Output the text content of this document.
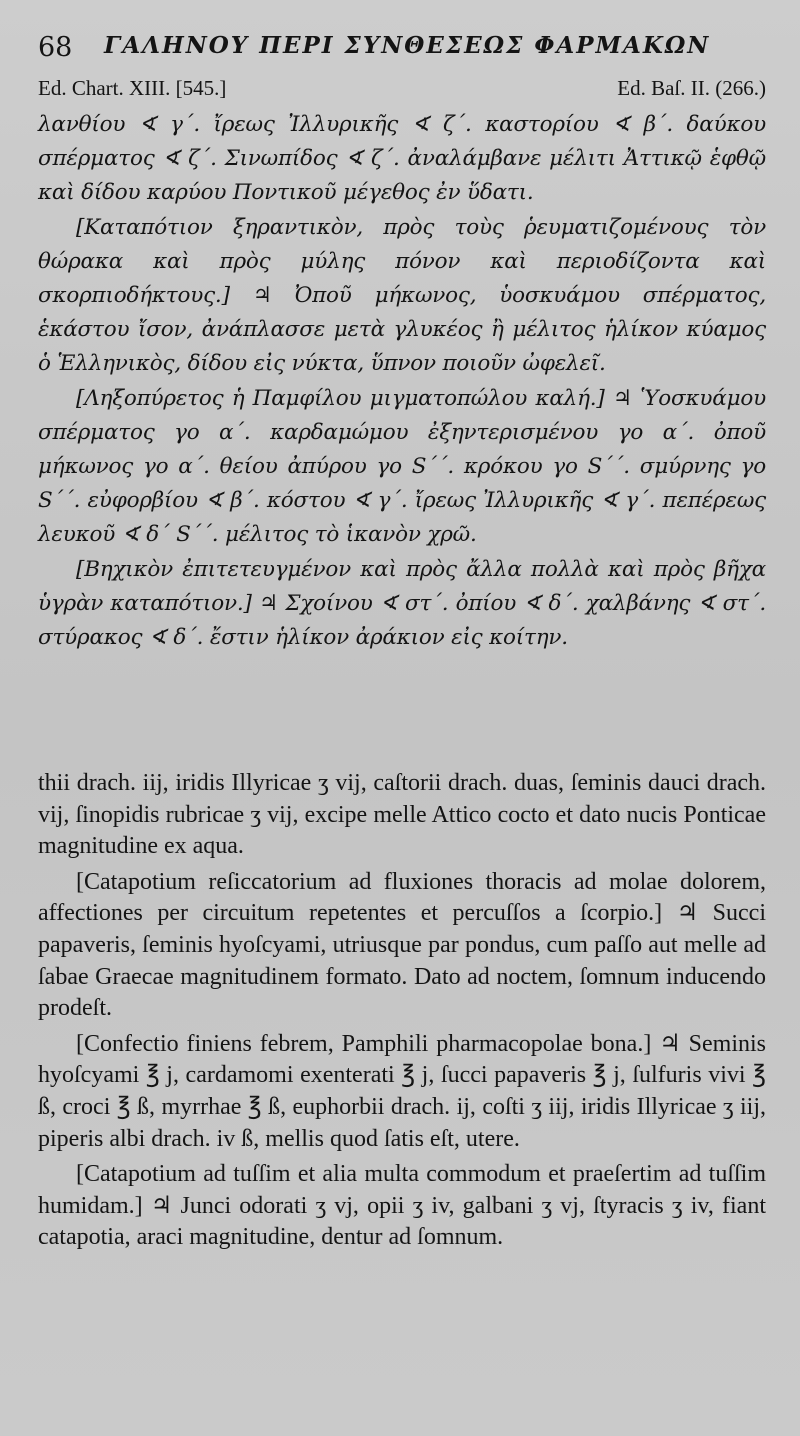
68 ΓΑΛΗΝΟΥ ΠΕΡΙ ΣΥΝΘΕΣΕΩΣ ΦΑΡΜΑΚΩΝ
Ed. Chart. XIII. [545.]	Ed. Baſ. II. (266.)

λανθίου ∢ γ΄. ἴρεως Ἰλλυρικῆς ∢ ζ΄. καστορίου ∢ β΄. δαύκου σπέρματος ∢ ζ΄. Σινωπίδος ∢ ζ΄. ἀναλάμβανε μέλιτι Ἀττικῷ ἑφθῷ καὶ δίδου καρύου Ποντικοῦ μέγεθος ἐν ὕδατι.

[Καταπότιον ξηραντικὸν, πρὸς τοὺς ῥευματιζομένους τὸν θώρακα καὶ πρὸς μύλης πόνον καὶ περιοδίζοντα καὶ σκορπιοδήκτους.] ♃ Ὀποῦ μήκωνος, ὑοσκυάμου σπέρματος, ἑκάστου ἴσον, ἀνάπλασσε μετὰ γλυκέος ἢ μέλιτος ἡλίκον κύαμος ὁ Ἑλληνικὸς, δίδου εἰς νύκτα, ὕπνον ποιοῦν ὠφελεῖ.

[Ληξοπύρετος ἡ Παμφίλου μιγματοπώλου καλή.] ♃ Ὑοσκυάμου σπέρματος γο α΄. καρδαμώμου ἐξηντερισμένου γο α΄. ὀποῦ μήκωνος γο α΄. θείου ἀπύρου γο S΄΄. κρόκου γο S΄΄. σμύρνης γο S΄΄. εὐφορβίου ∢ β΄. κόστου ∢ γ΄. ἴρεως Ἰλλυρικῆς ∢ γ΄. πεπέρεως λευκοῦ ∢ δ΄ S΄΄. μέλιτος τὸ ἱκανὸν χρῶ.

[Βηχικὸν ἐπιτετευγμένον καὶ πρὸς ἄλλα πολλὰ καὶ πρὸς βῆχα ὑγρὰν καταπότιον.] ♃ Σχοίνου ∢ στ΄. ὀπίου ∢ δ΄. χαλβάνης ∢ στ΄. στύρακος ∢ δ΄. ἔστιν ἡλίκον ἀράκιον εἰς κοίτην.

thii drach. iij, iridis Illyricae ʒ vij, caſtorii drach. duas, ſeminis dauci drach. vij, ſinopidis rubricae ʒ vij, excipe melle Attico cocto et dato nucis Ponticae magnitudine ex aqua.

[Catapotium reſiccatorium ad fluxiones thoracis ad molae dolorem, affectiones per circuitum repetentes et percuſſos a ſcorpio.] ♃ Succi papaveris, ſeminis hyoſcyami, utriusque par pondus, cum paſſo aut melle ad ſabae Graecae magnitudinem formato. Dato ad noctem, ſomnum inducendo prodeſt.

[Confectio finiens febrem, Pamphili pharmacopolae bona.] ♃ Seminis hyoſcyami ℥ j, cardamomi exenterati ℥ j, ſucci papaveris ℥ j, ſulfuris vivi ℥ ß, croci ℥ ß, myrrhae ℥ ß, euphorbii drach. ij, coſti ʒ iij, iridis Illyricae ʒ iij, piperis albi drach. iv ß, mellis quod ſatis eſt, utere.

[Catapotium ad tuſſim et alia multa commodum et praeſertim ad tuſſim humidam.] ♃ Junci odorati ʒ vj, opii ʒ iv, galbani ʒ vj, ſtyracis ʒ iv, fiant catapotia, araci magnitudine, dentur ad ſomnum.
